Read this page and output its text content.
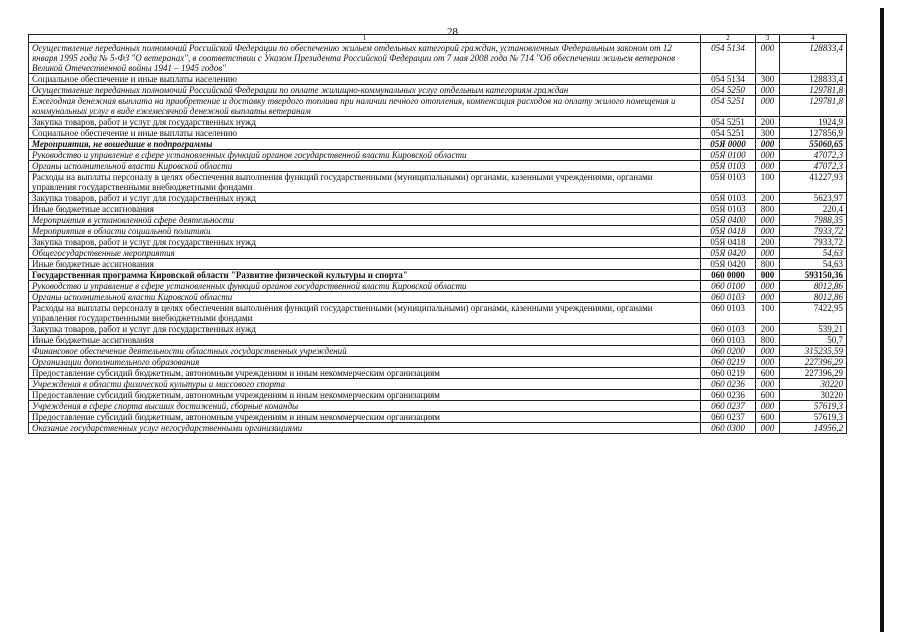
28
1	2	3	4
Осуществление переданных полномочий Российской Федерации по обеспечению жильем отдельных категорий граждан, установленных Федеральным законом от 12 января 1995 года № 5-ФЗ "О ветеранах", в соответствии с Указом Президента Российской Федерации от 7 мая 2008 года № 714 "Об обеспечении жильем ветеранов Великой Отечественной войны 1941 – 1945 годов"	054 5134	000	128833,4
Социальное обеспечение и иные выплаты населению	054 5134	300	128833,4
Осуществление переданных полномочий Российской Федерации по оплате жилищно-коммунальных услуг отдельным категориям граждан	054 5250	000	129781,8
Ежегодная денежная выплата на приобретение и доставку твердого топлива при наличии печного отопления, компенсация расходов на оплату жилого помещения и коммунальных услуг в виде ежемесячной денежной выплаты ветеранам	054 5251	000	129781,8
Закупка товаров, работ и услуг для государственных нужд	054 5251	200	1924,9
Социальное обеспечение и иные выплаты населению	054 5251	300	127856,9
Мероприятия, не вошедшие в подпрограммы	05Я 0000	000	55060,65
Руководство и управление в сфере установленных функций органов государственной власти Кировской области	05Я 0100	000	47072,3
Органы исполнительной власти Кировской области	05Я 0103	000	47072,3
Расходы на выплаты персоналу в целях обеспечения выполнения функций государственными (муниципальными) органами, казенными учреждениями, органами управления государственными внебюджетными фондами	05Я 0103	100	41227,93
Закупка товаров, работ и услуг для государственных нужд	05Я 0103	200	5623,97
Иные бюджетные ассигнования	05Я 0103	800	220,4
Мероприятия в установленной сфере деятельности	05Я 0400	000	7988,35
Мероприятия в области социальной политики	05Я 0418	000	7933,72
Закупка товаров, работ и услуг для государственных нужд	05Я 0418	200	7933,72
Общегосударственные мероприятия	05Я 0420	000	54,63
Иные бюджетные ассигнования	05Я 0420	800	54,63
Государственная программа Кировской области "Развитие физической культуры и спорта"	060 0000	000	593150,36
Руководство и управление в сфере установленных функций органов государственной власти Кировской области	060 0100	000	8012,86
Органы исполнительной власти Кировской области	060 0103	000	8012,86
Расходы на выплаты персоналу в целях обеспечения выполнения функций государственными (муниципальными) органами, казенными учреждениями, органами управления государственными внебюджетными фондами	060 0103	100	7422,95
Закупка товаров, работ и услуг для государственных нужд	060 0103	200	539,21
Иные бюджетные ассигнования	060 0103	800	50,7
Финансовое обеспечение деятельности областных государственных учреждений	060 0200	000	315235,59
Организации дополнительного образования	060 0219	000	227396,29
Предоставление субсидий бюджетным, автономным учреждениям и иным некоммерческим организациям	060 0219	600	227396,29
Учреждения в области физической культуры и массового спорта	060 0236	000	30220
Предоставление субсидий бюджетным, автономным учреждениям и иным некоммерческим организациям	060 0236	600	30220
Учреждения в сфере спорта высших достижений, сборные команды	060 0237	000	57619,3
Предоставление субсидий бюджетным, автономным учреждениям и иным некоммерческим организациям	060 0237	600	57619,3
Оказание государственных услуг негосударственными организациями	060 0300	000	14956,2
